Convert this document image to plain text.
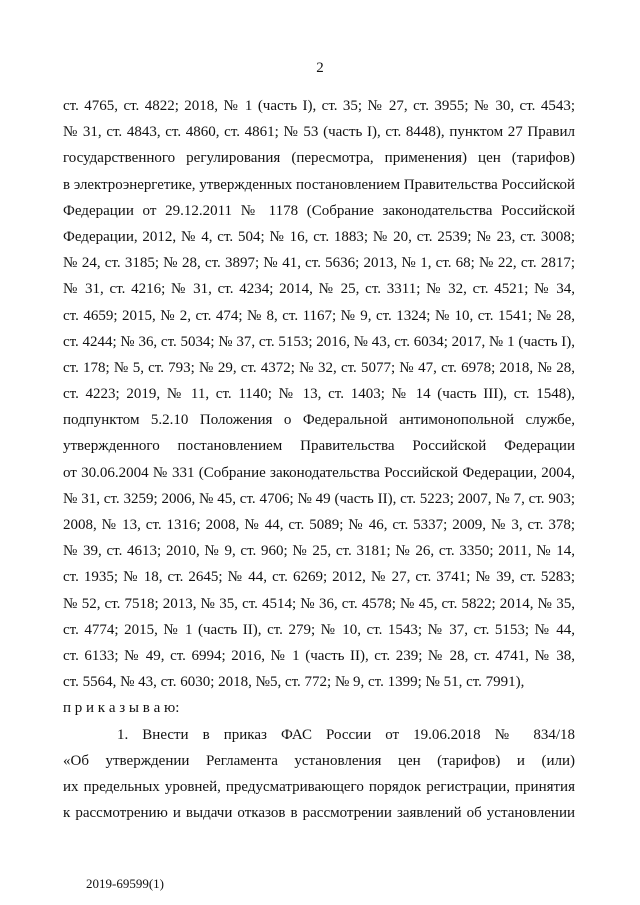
2
ст. 4765, ст. 4822; 2018, № 1 (часть I), ст. 35; № 27, ст. 3955; № 30, ст. 4543;
№ 31, ст. 4843, ст. 4860, ст. 4861; № 53 (часть I), ст. 8448), пунктом 27 Правил
государственного регулирования (пересмотра, применения) цен (тарифов)
в электроэнергетике, утвержденных постановлением Правительства Российской
Федерации от 29.12.2011 № 1178 (Собрание законодательства Российской
Федерации, 2012, № 4, ст. 504; № 16, ст. 1883; № 20, ст. 2539; № 23, ст. 3008;
№ 24, ст. 3185; № 28, ст. 3897; № 41, ст. 5636; 2013, № 1, ст. 68; № 22, ст. 2817;
№ 31, ст. 4216; № 31, ст. 4234; 2014, № 25, ст. 3311; № 32, ст. 4521; № 34,
ст. 4659; 2015, № 2, ст. 474; № 8, ст. 1167; № 9, ст. 1324; № 10, ст. 1541; № 28,
ст. 4244; № 36, ст. 5034; № 37, ст. 5153; 2016, № 43, ст. 6034; 2017, № 1 (часть I),
ст. 178; № 5, ст. 793; № 29, ст. 4372; № 32, ст. 5077; № 47, ст. 6978; 2018, № 28,
ст. 4223; 2019, № 11, ст. 1140; № 13, ст. 1403; № 14 (часть III), ст. 1548),
подпунктом 5.2.10 Положения о Федеральной антимонопольной службе,
утвержденного постановлением Правительства Российской Федерации
от 30.06.2004 № 331 (Собрание законодательства Российской Федерации, 2004,
№ 31, ст. 3259; 2006, № 45, ст. 4706; № 49 (часть II), ст. 5223; 2007, № 7, ст. 903;
2008, № 13, ст. 1316; 2008, № 44, ст. 5089; № 46, ст. 5337; 2009, № 3, ст. 378;
№ 39, ст. 4613; 2010, № 9, ст. 960; № 25, ст. 3181; № 26, ст. 3350; 2011, № 14,
ст. 1935; № 18, ст. 2645; № 44, ст. 6269; 2012, № 27, ст. 3741; № 39, ст. 5283;
№ 52, ст. 7518; 2013, № 35, ст. 4514; № 36, ст. 4578; № 45, ст. 5822; 2014, № 35,
ст. 4774; 2015, № 1 (часть II), ст. 279; № 10, ст. 1543; № 37, ст. 5153; № 44,
ст. 6133; № 49, ст. 6994; 2016, № 1 (часть II), ст. 239; № 28, ст. 4741, № 38,
ст. 5564, № 43, ст. 6030; 2018, №5, ст. 772; № 9, ст. 1399; № 51, ст. 7991),
п р и к а з ы в а ю:
1. Внести в приказ ФАС России от 19.06.2018 № 834/18
«Об утверждении Регламента установления цен (тарифов) и (или)
их предельных уровней, предусматривающего порядок регистрации, принятия
к рассмотрению и выдачи отказов в рассмотрении заявлений об установлении
2019-69599(1)
